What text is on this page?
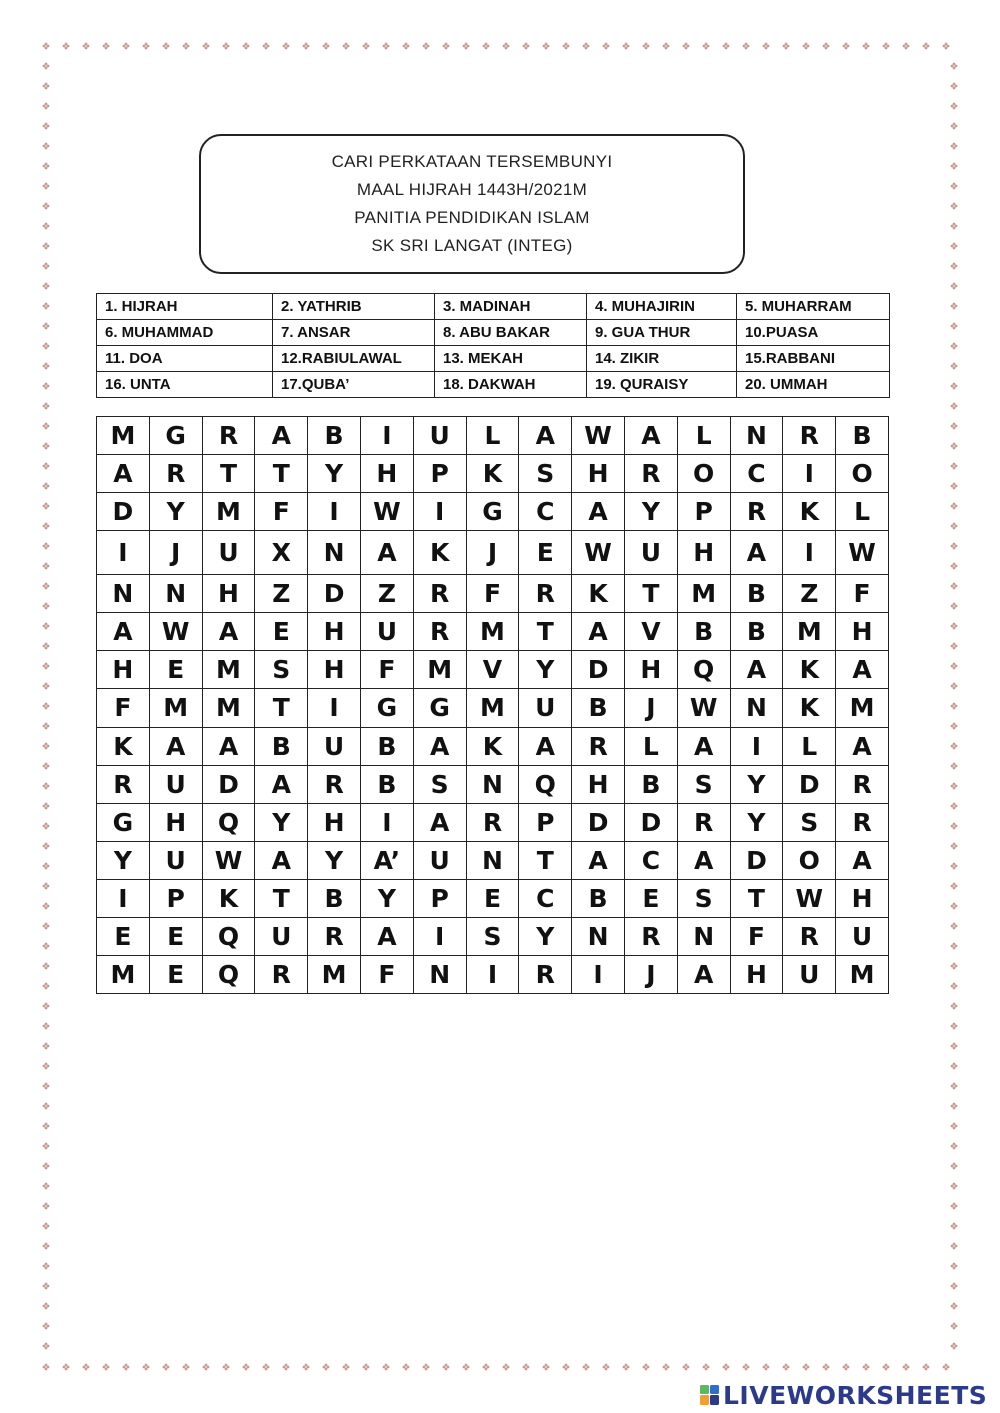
CARI PERKATAAN TERSEMBUNYI
MAAL HIJRAH 1443H/2021M
PANITIA PENDIDIKAN ISLAM
SK SRI LANGAT (INTEG)
1. HIJRAH	2. YATHRIB	3. MADINAH	4. MUHAJIRIN	5. MUHARRAM
6. MUHAMMAD	7. ANSAR	8. ABU BAKAR	9. GUA THUR	10.PUASA
11. DOA	12.RABIULAWAL	13. MEKAH	14. ZIKIR	15.RABBANI
16. UNTA	17.QUBA’	18. DAKWAH	19. QURAISY	20. UMMAH
M	G	R	A	B	I	U	L	A	W	A	L	N	R	B
A	R	T	T	Y	H	P	K	S	H	R	O	C	I	O
D	Y	M	F	I	W	I	G	C	A	Y	P	R	K	L
I	J	U	X	N	A	K	J	E	W	U	H	A	I	W
N	N	H	Z	D	Z	R	F	R	K	T	M	B	Z	F
A	W	A	E	H	U	R	M	T	A	V	B	B	M	H
H	E	M	S	H	F	M	V	Y	D	H	Q	A	K	A
F	M	M	T	I	G	G	M	U	B	J	W	N	K	M
K	A	A	B	U	B	A	K	A	R	L	A	I	L	A
R	U	D	A	R	B	S	N	Q	H	B	S	Y	D	R
G	H	Q	Y	H	I	A	R	P	D	D	R	Y	S	R
Y	U	W	A	Y	A’	U	N	T	A	C	A	D	O	A
I	P	K	T	B	Y	P	E	C	B	E	S	T	W	H
E	E	Q	U	R	A	I	S	Y	N	R	N	F	R	U
M	E	Q	R	M	F	N	I	R	I	J	A	H	U	M
LIVEWORKSHEETS
